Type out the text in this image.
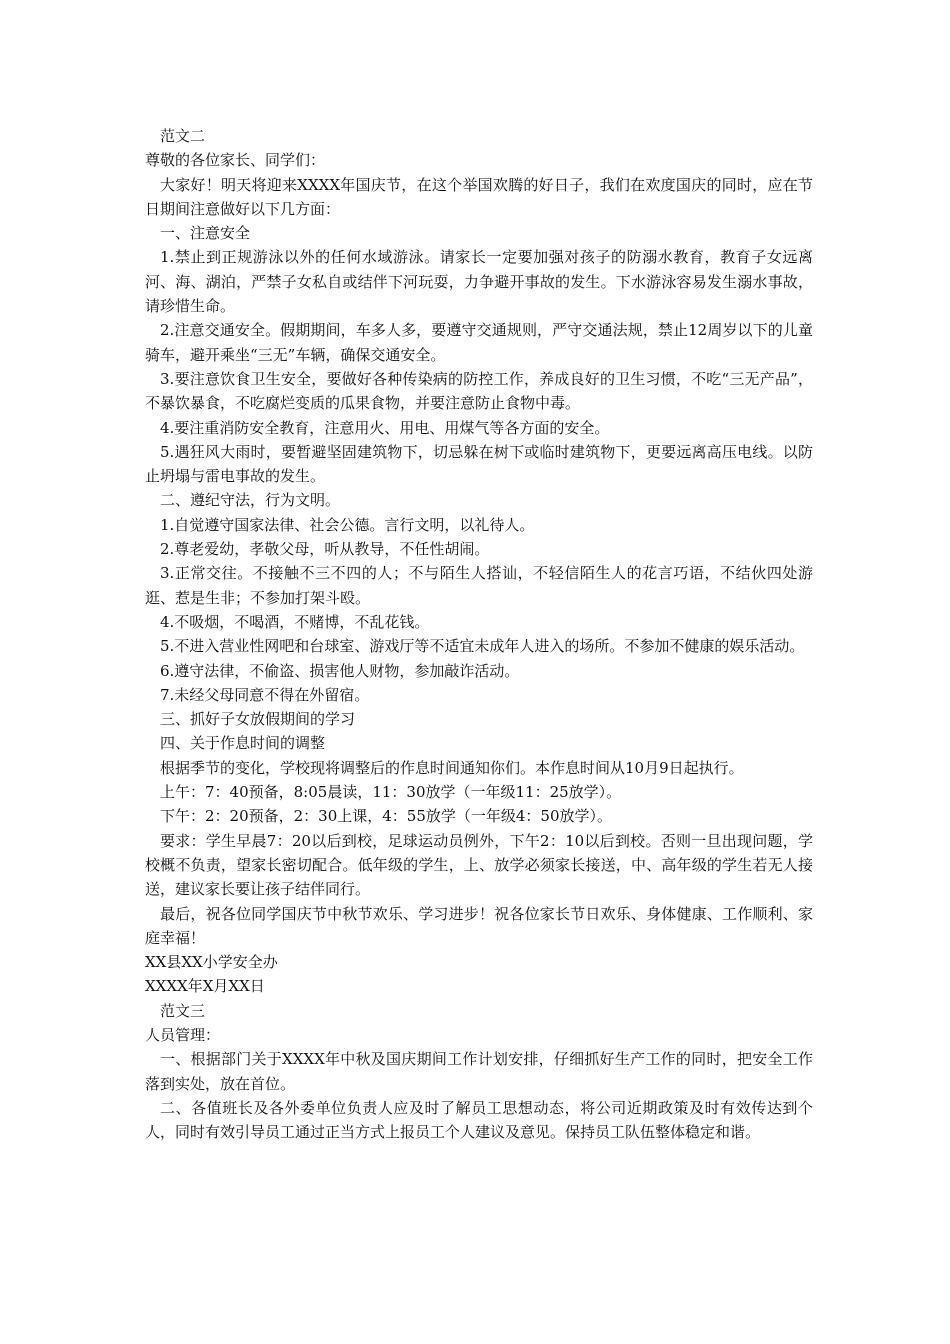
范文二

尊敬的各位家长、同学们：

大家好！明天将迎来XXXX年国庆节，在这个举国欢腾的好日子，我们在欢度国庆的同时，应在节日期间注意做好以下几方面：

一、注意安全

1.禁止到正规游泳以外的任何水域游泳。请家长一定要加强对孩子的防溺水教育，教育子女远离河、海、湖泊，严禁子女私自或结伴下河玩耍，力争避开事故的发生。下水游泳容易发生溺水事故，请珍惜生命。

2.注意交通安全。假期期间，车多人多，要遵守交通规则，严守交通法规，禁止12周岁以下的儿童骑车，避开乘坐“三无”车辆，确保交通安全。

3.要注意饮食卫生安全，要做好各种传染病的防控工作，养成良好的卫生习惯，不吃“三无产品”，不暴饮暴食，不吃腐烂变质的瓜果食物，并要注意防止食物中毒。

4.要注重消防安全教育，注意用火、用电、用煤气等各方面的安全。

5.遇狂风大雨时，要暂避坚固建筑物下，切忌躲在树下或临时建筑物下，更要远离高压电线。以防止坍塌与雷电事故的发生。

二、遵纪守法，行为文明。

1.自觉遵守国家法律、社会公德。言行文明，以礼待人。

2.尊老爱幼，孝敬父母，听从教导，不任性胡闹。

3.正常交往。不接触不三不四的人；不与陌生人搭讪，不轻信陌生人的花言巧语，不结伙四处游逛、惹是生非；不参加打架斗殴。

4.不吸烟，不喝酒，不赌博，不乱花钱。

5.不进入营业性网吧和台球室、游戏厅等不适宜未成年人进入的场所。不参加不健康的娱乐活动。

6.遵守法律，不偷盗、损害他人财物，参加敲诈活动。

7.未经父母同意不得在外留宿。

三、抓好子女放假期间的学习

四、关于作息时间的调整

根据季节的变化，学校现将调整后的作息时间通知你们。本作息时间从10月9日起执行。

上午：7：40预备，8:05晨读，11：30放学（一年级11：25放学）。

下午：2：20预备，2：30上课，4：55放学（一年级4：50放学）。

要求：学生早晨7：20以后到校，足球运动员例外，下午2：10以后到校。否则一旦出现问题，学校概不负责，望家长密切配合。低年级的学生，上、放学必须家长接送，中、高年级的学生若无人接送，建议家长要让孩子结伴同行。

最后，祝各位同学国庆节中秋节欢乐、学习进步！祝各位家长节日欢乐、身体健康、工作顺利、家庭幸福！

XX县XX小学安全办

XXXX年X月XX日

范文三

人员管理：

一、根据部门关于XXXX年中秋及国庆期间工作计划安排，仔细抓好生产工作的同时，把安全工作落到实处，放在首位。

二、各值班长及各外委单位负责人应及时了解员工思想动态，将公司近期政策及时有效传达到个人，同时有效引导员工通过正当方式上报员工个人建议及意见。保持员工队伍整体稳定和谐。
